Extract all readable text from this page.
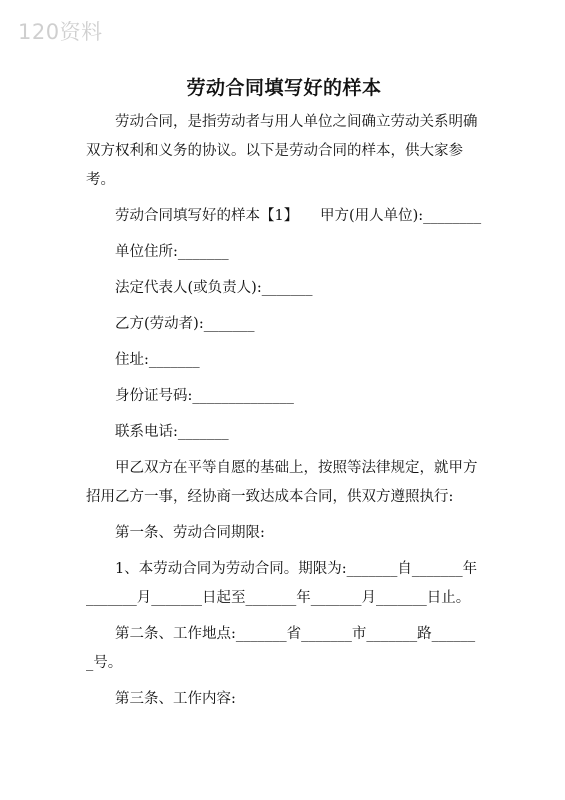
120资料
劳动合同填写好的样本

劳动合同，是指劳动者与用人单位之间确立劳动关系明确双方权利和义务的协议。以下是劳动合同的样本，供大家参考。

劳动合同填写好的样本【1】　　甲方(用人单位):________

单位住所:_______

法定代表人(或负责人):_______

乙方(劳动者):_______

住址:_______

身份证号码:______________

联系电话:_______

甲乙双方在平等自愿的基础上，按照等法律规定，就甲方招用乙方一事，经协商一致达成本合同，供双方遵照执行:

第一条、劳动合同期限:

1、本劳动合同为劳动合同。期限为:_______自_______年_______月_______日起至_______年_______月_______日止。

第二条、工作地点:_______省_______市_______路_______号。

第三条、工作内容:
